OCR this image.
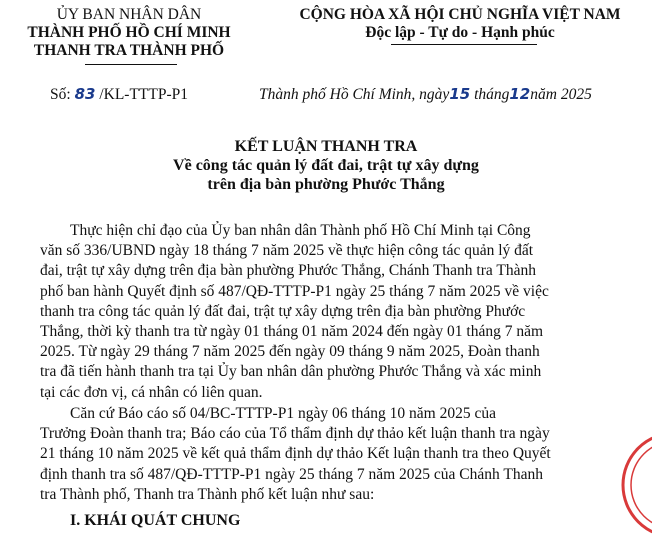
ỦY BAN NHÂN DÂN
THÀNH PHỐ HỒ CHÍ MINH
THANH TRA THÀNH PHỐ
CỘNG HÒA XÃ HỘI CHỦ NGHĨA VIỆT NAM
Độc lập - Tự do - Hạnh phúc
Số: 83 /KL-TTTP-P1	Thành phố Hồ Chí Minh, ngày15 tháng12năm 2025
KẾT LUẬN THANH TRA
Về công tác quản lý đất đai, trật tự xây dựng
trên địa bàn phường Phước Thắng
Thực hiện chỉ đạo của Ủy ban nhân dân Thành phố Hồ Chí Minh tại Công
văn số 336/UBND ngày 18 tháng 7 năm 2025 về thực hiện công tác quản lý đất
đai, trật tự xây dựng trên địa bàn phường Phước Thắng, Chánh Thanh tra Thành
phố ban hành Quyết định số 487/QĐ-TTTP-P1 ngày 25 tháng 7 năm 2025 về việc
thanh tra công tác quản lý đất đai, trật tự xây dựng trên địa bàn phường Phước
Thắng, thời kỳ thanh tra từ ngày 01 tháng 01 năm 2024 đến ngày 01 tháng 7 năm
2025. Từ ngày 29 tháng 7 năm 2025 đến ngày 09 tháng 9 năm 2025, Đoàn thanh
tra đã tiến hành thanh tra tại Ủy ban nhân dân phường Phước Thắng và xác minh
tại các đơn vị, cá nhân có liên quan.
Căn cứ Báo cáo số 04/BC-TTTP-P1 ngày 06 tháng 10 năm 2025 của
Trưởng Đoàn thanh tra; Báo cáo của Tổ thẩm định dự thảo kết luận thanh tra ngày
21 tháng 10 năm 2025 về kết quả thẩm định dự thảo Kết luận thanh tra theo Quyết
định thanh tra số 487/QĐ-TTTP-P1 ngày 25 tháng 7 năm 2025 của Chánh Thanh
tra Thành phố, Thanh tra Thành phố kết luận như sau:
I. KHÁI QUÁT CHUNG
